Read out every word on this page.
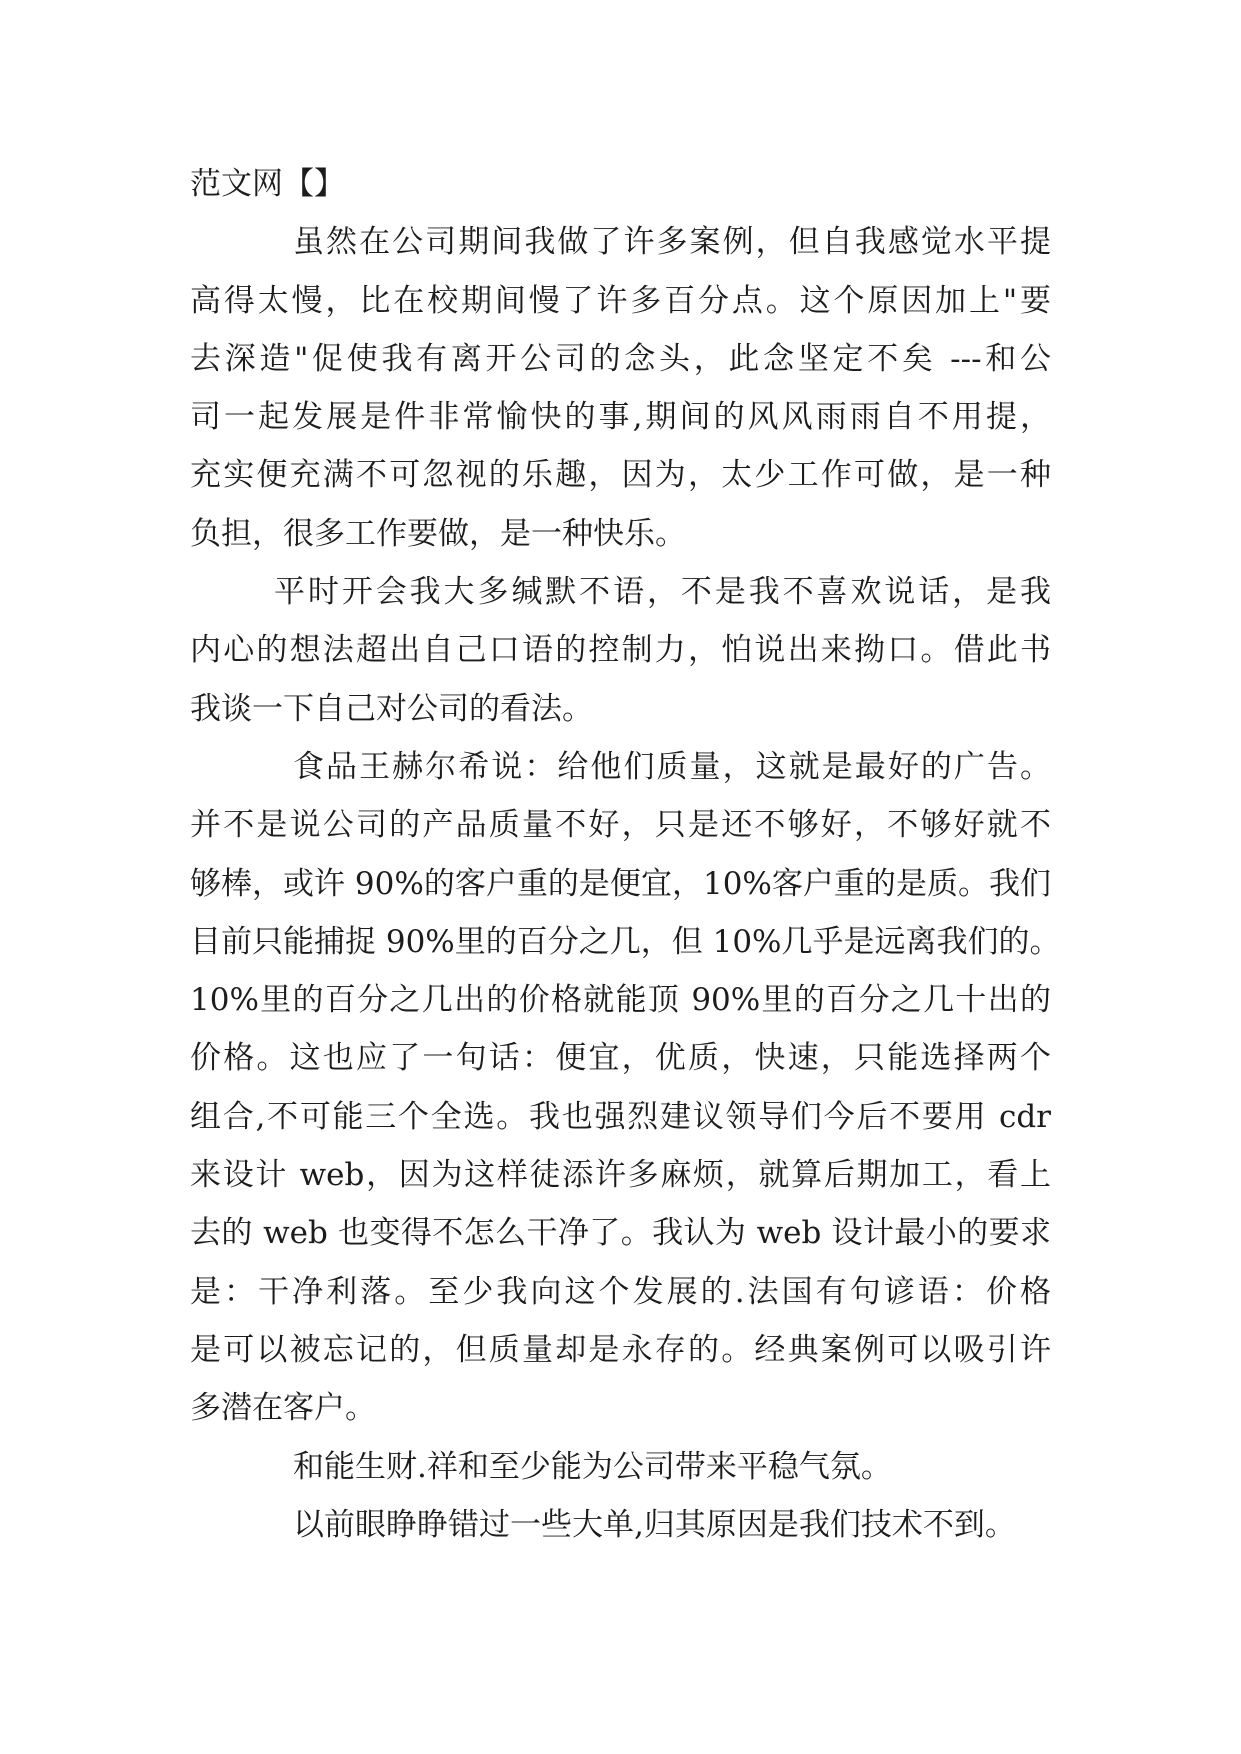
范文网【】
虽然在公司期间我做了许多案例，但自我感觉水平提
高得太慢，比在校期间慢了许多百分点。这个原因加上"要
去深造"促使我有离开公司的念头，此念坚定不矣 ---和公
司一起发展是件非常愉快的事,期间的风风雨雨自不用提，
充实便充满不可忽视的乐趣，因为，太少工作可做，是一种
负担，很多工作要做，是一种快乐。
平时开会我大多缄默不语，不是我不喜欢说话，是我
内心的想法超出自己口语的控制力，怕说出来拗口。借此书
我谈一下自己对公司的看法。
食品王赫尔希说：给他们质量，这就是最好的广告。
并不是说公司的产品质量不好，只是还不够好，不够好就不
够棒，或许 90%的客户重的是便宜，10%客户重的是质。我们
目前只能捕捉 90%里的百分之几，但 10%几乎是远离我们的。
10%里的百分之几出的价格就能顶 90%里的百分之几十出的
价格。这也应了一句话：便宜，优质，快速，只能选择两个
组合,不可能三个全选。我也强烈建议领导们今后不要用 cdr
来设计 web，因为这样徒添许多麻烦，就算后期加工，看上
去的 web 也变得不怎么干净了。我认为 web 设计最小的要求
是：干净利落。至少我向这个发展的.法国有句谚语：价格
是可以被忘记的，但质量却是永存的。经典案例可以吸引许
多潜在客户。
和能生财.祥和至少能为公司带来平稳气氛。
以前眼睁睁错过一些大单,归其原因是我们技术不到。
